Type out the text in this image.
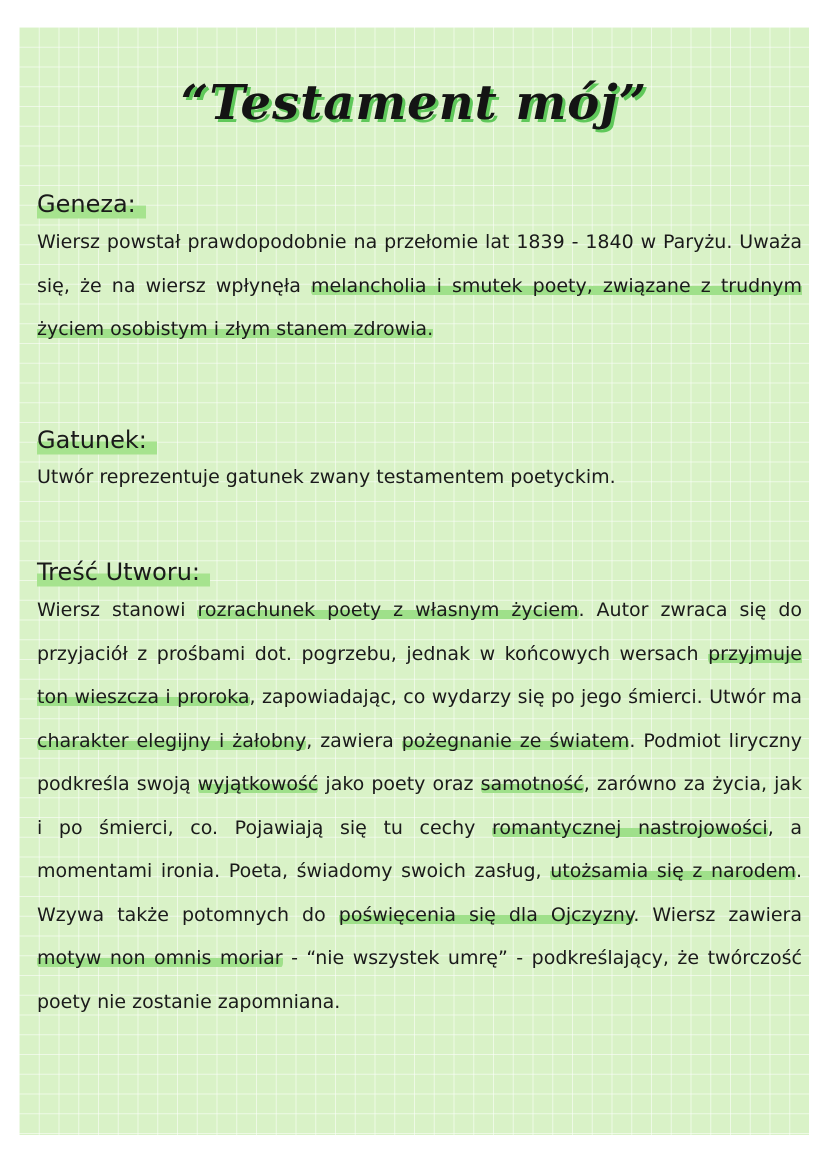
“Testament mój”
Geneza:

Wiersz powstał prawdopodobnie na przełomie lat 1839 - 1840 w Paryżu. Uważa się, że na wiersz wpłynęła melancholia i smutek poety, związane z trudnym życiem osobistym i złym stanem zdrowia.

Gatunek:

Utwór reprezentuje gatunek zwany testamentem poetyckim.

Treść Utworu:

Wiersz stanowi rozrachunek poety z własnym życiem. Autor zwraca się do przyjaciół z prośbami dot. pogrzebu, jednak w końcowych wersach przyjmuje ton wieszcza i proroka, zapowiadając, co wydarzy się po jego śmierci. Utwór ma charakter elegijny i żałobny, zawiera pożegnanie ze światem. Podmiot liryczny podkreśla swoją wyjątkowość jako poety oraz samotność, zarówno za życia, jak i po śmierci, co. Pojawiają się tu cechy romantycznej nastrojowości, a momentami ironia. Poeta, świadomy swoich zasług, utożsamia się z narodem. Wzywa także potomnych do poświęcenia się dla Ojczyzny. Wiersz zawiera motyw non omnis moriar - “nie wszystek umrę” - podkreślający, że twórczość poety nie zostanie zapomniana.
